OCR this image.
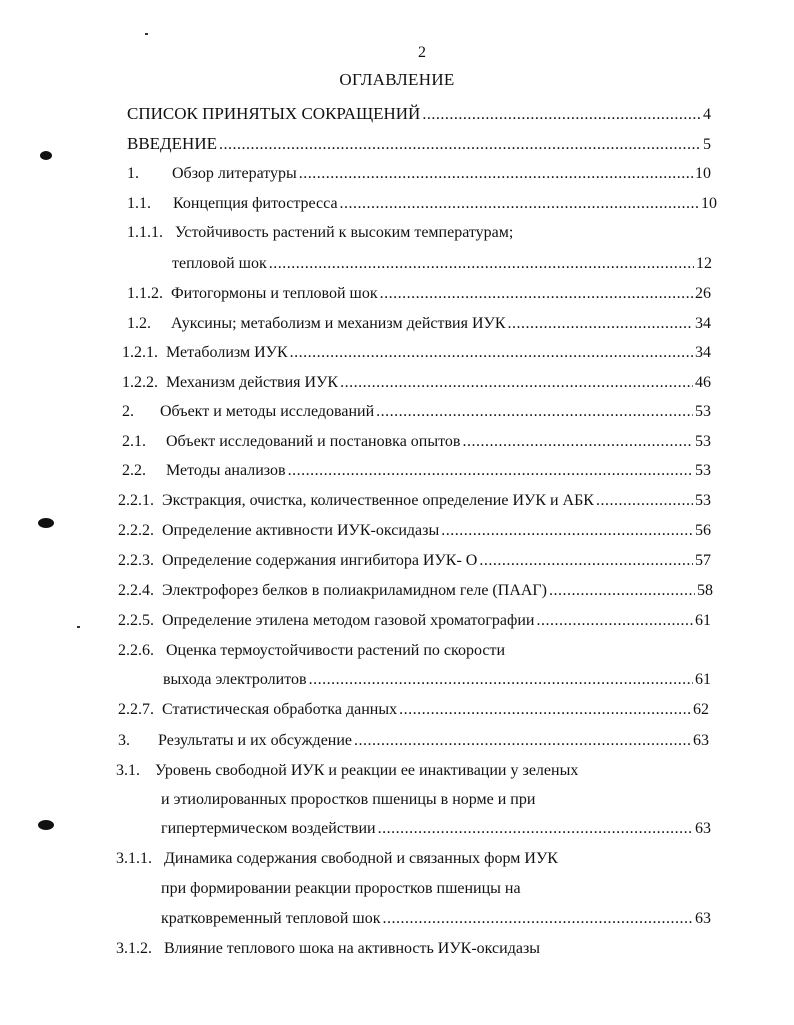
2
ОГЛАВЛЕНИЕ
СПИСОК ПРИНЯТЫХ СОКРАЩЕНИЙ .....	4
ВВЕДЕНИЕ .....	5
1.	Обзор литературы .....	10
1.1.	Концепция фитостресса .....	10
1.1.1. Устойчивость растений к высоким температурам;
тепловой шок .....	12
1.1.2. Фитогормоны и тепловой шок .....	26
1.2.	Ауксины; метаболизм и механизм действия ИУК .....	34
1.2.1. Метаболизм ИУК .....	34
1.2.2. Механизм действия ИУК .....	46
2.	Объект и методы исследований .....	53
2.1.	Объект исследований и постановка опытов .....	53
2.2.	Методы анализов .....	53
2.2.1. Экстракция, очистка, количественное определение ИУК и АБК .....	53
2.2.2. Определение активности ИУК-оксидазы .....	56
2.2.3. Определение содержания ингибитора ИУК- О .....	57
2.2.4. Электрофорез белков в полиакриламидном геле (ПААГ) .....	58
2.2.5. Определение этилена методом газовой хроматографии .....	61
2.2.6. Оценка термоустойчивости растений по скорости
выхода электролитов .....	61
2.2.7. Статистическая обработка данных .....	62
3.	Результаты и их обсуждение .....	63
3.1. Уровень свободной ИУК и реакции ее инактивации у зеленых
и этиолированных проростков пшеницы в норме и при
гипертермическом воздействии .....	63
3.1.1. Динамика содержания свободной и связанных форм ИУК
при формировании реакции проростков пшеницы на
кратковременный тепловой шок .....	63
3.1.2. Влияние теплового шока на активность ИУК-оксидазы
